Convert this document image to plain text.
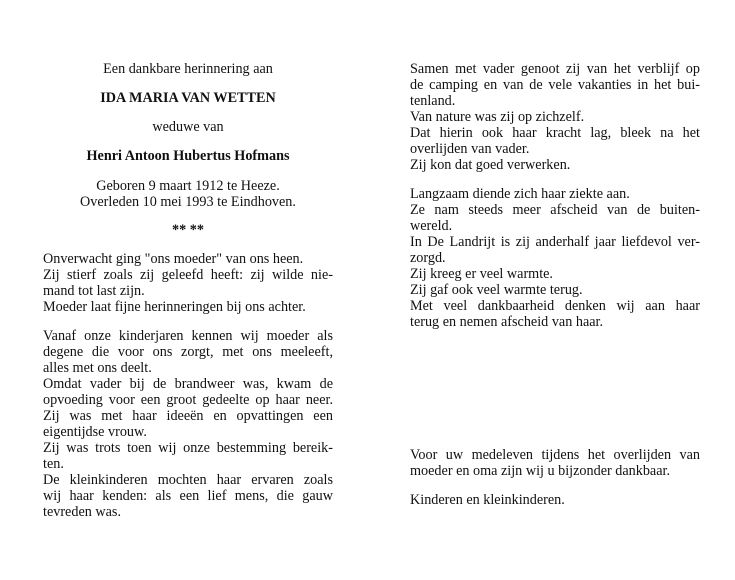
Een dankbare herinnering aan
IDA MARIA VAN WETTEN
weduwe van
Henri Antoon Hubertus Hofmans
Geboren 9 maart 1912 te Heeze.
Overleden 10 mei 1993 te Eindhoven.
** **
Onverwacht ging "ons moeder" van ons heen.
Zij stierf zoals zij geleefd heeft: zij wilde nie-
mand tot last zijn.
Moeder laat fijne herinneringen bij ons achter.
Vanaf onze kinderjaren kennen wij moeder als
degene die voor ons zorgt, met ons meeleeft,
alles met ons deelt.
Omdat vader bij de brandweer was, kwam de
opvoeding voor een groot gedeelte op haar neer.
Zij was met haar ideeën en opvattingen een
eigentijdse vrouw.
Zij was trots toen wij onze bestemming bereik-
ten.
De kleinkinderen mochten haar ervaren zoals
wij haar kenden: als een lief mens, die gauw
tevreden was.
Samen met vader genoot zij van het verblijf op
de camping en van de vele vakanties in het bui-
tenland.
Van nature was zij op zichzelf.
Dat hierin ook haar kracht lag, bleek na het
overlijden van vader.
Zij kon dat goed verwerken.
Langzaam diende zich haar ziekte aan.
Ze nam steeds meer afscheid van de buiten-
wereld.
In De Landrijt is zij anderhalf jaar liefdevol ver-
zorgd.
Zij kreeg er veel warmte.
Zij gaf ook veel warmte terug.
Met veel dankbaarheid denken wij aan haar
terug en nemen afscheid van haar.
Voor uw medeleven tijdens het overlijden van
moeder en oma zijn wij u bijzonder dankbaar.
Kinderen en kleinkinderen.
